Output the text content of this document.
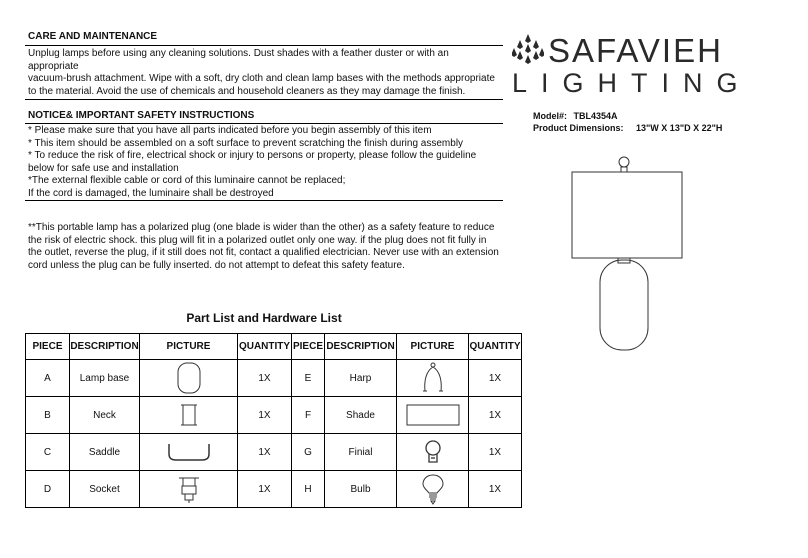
CARE AND MAINTENANCE
Unplug lamps before using any cleaning solutions. Dust shades with a feather duster or with an
appropriate
vacuum-brush attachment. Wipe with a soft, dry cloth and clean lamp bases with the methods appropriate
to the material. Avoid the use of chemicals and household cleaners as they may damage the finish.
NOTICE& IMPORTANT SAFETY INSTRUCTIONS
* Please make sure that you have all parts indicated before you begin assembly of this item
* This item should be assembled on a soft surface to prevent scratching the finish during assembly
* To reduce the risk of fire, electrical shock or injury to persons or property, please follow the guideline
below for safe use and installation
*The external flexible cable or cord of this luminaire cannot be replaced;
If the cord is damaged, the luminaire shall be destroyed
**This portable lamp has a polarized plug (one blade is wider than the other) as a safety feature to reduce
the risk of electric shock. this plug will fit in a polarized outlet only one way. if the plug does not fit fully in
the outlet, reverse the plug, if it still does not fit, contact a qualified electrician. Never use with an extension
cord unless the plug can be fully inserted. do not attempt to defeat this safety feature.
SAFAVIEH
LIGHTING
Model#: TBL4354A
Product Dimensions: 13"W X 13"D X 22"H
Part List and Hardware List
PIECE	DESCRIPTION	PICTURE	QUANTITY	PIECE	DESCRIPTION	PICTURE	QUANTITY
A	Lamp base		1X	E	Harp		1X
B	Neck		1X	F	Shade		1X
C	Saddle		1X	G	Finial		1X
D	Socket		1X	H	Bulb		1X
